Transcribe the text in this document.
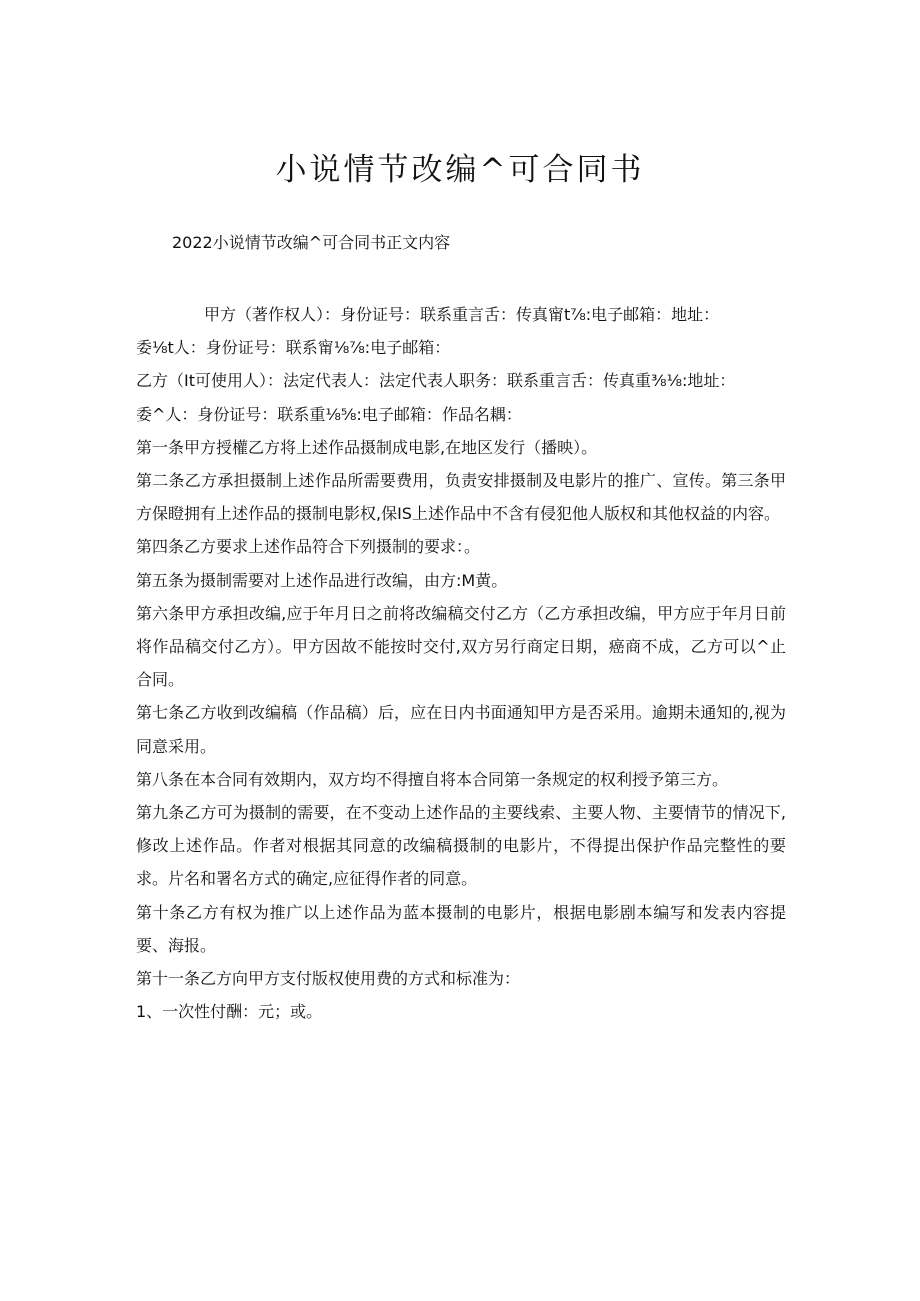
小说情节改编^可合同书
2022小说情节改编^可合同书正文内容

甲方（著作权人）：身份证号：联系重言舌：传真甯t⅞:电子邮箱：地址：

委⅛t人：身份证号：联系甯⅛⅞:电子邮箱：

乙方（It可使用人）：法定代表人：法定代表人职务：联系重言舌：传真重⅜⅛:地址：

委^人：身份证号：联系重⅛⅝:电子邮箱：作品名耦：

第一条甲方授權乙方将上述作品摄制成电影,在地区发行（播映）。

第二条乙方承担摄制上述作品所需要费用，负责安排摄制及电影片的推广、宣传。第三条甲方保瞪拥有上述作品的摄制电影权,保IS上述作品中不含有侵犯他人版权和其他权益的内容。

第四条乙方要求上述作品符合下列摄制的要求：。

第五条为摄制需要对上述作品进行改编，由方:M黄。

第六条甲方承担改编,应于年月日之前将改编稿交付乙方（乙方承担改编，甲方应于年月日前将作品稿交付乙方）。甲方因故不能按时交付,双方另行商定日期，癌商不成，乙方可以^止合同。

第七条乙方收到改编稿（作品稿）后，应在日内书面通知甲方是否采用。逾期未通知的,视为同意采用。

第八条在本合同有效期内，双方均不得擅自将本合同第一条规定的权利授予第三方。

第九条乙方可为摄制的需要，在不变动上述作品的主要线索、主要人物、主要情节的情况下,修改上述作品。作者对根据其同意的改编稿摄制的电影片，不得提出保护作品完整性的要求。片名和署名方式的确定,应征得作者的同意。

第十条乙方有权为推广以上述作品为蓝本摄制的电影片，根据电影剧本编写和发表内容提要、海报。

第十一条乙方向甲方支付版权使用费的方式和标准为：

1、一次性付酬：元；或。
